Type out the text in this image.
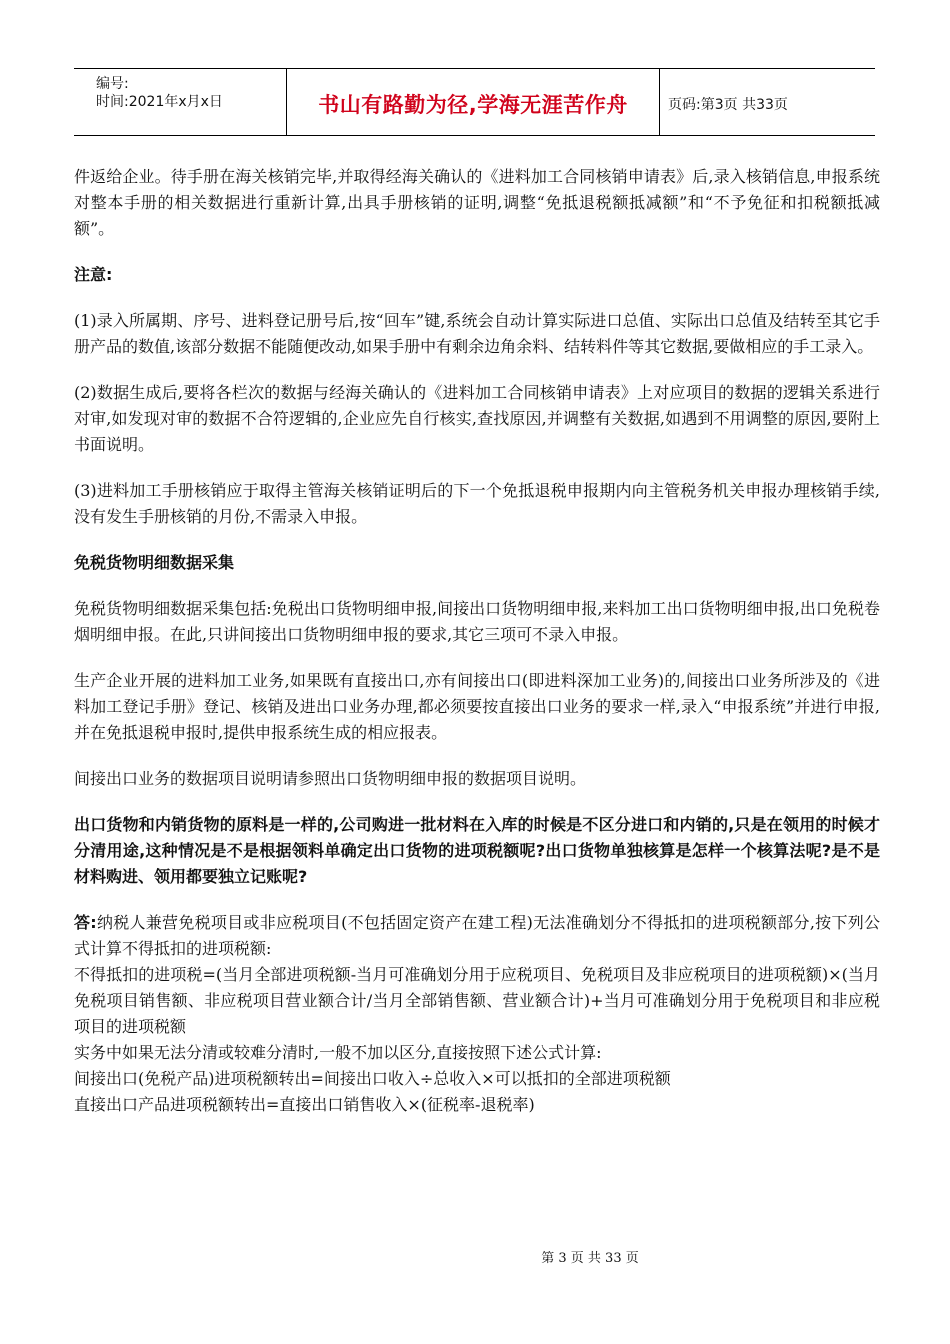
编号:
时间:2021年x月x日	书山有路勤为径,学海无涯苦作舟	页码:第3页 共33页

件返给企业。待手册在海关核销完毕,并取得经海关确认的《进料加工合同核销申请表》后,录入核销信息,申报系统对整本手册的相关数据进行重新计算,出具手册核销的证明,调整“免抵退税额抵减额”和“不予免征和扣税额抵减额”。

注意:

(1)录入所属期、序号、进料登记册号后,按“回车”键,系统会自动计算实际进口总值、实际出口总值及结转至其它手册产品的数值,该部分数据不能随便改动,如果手册中有剩余边角余料、结转料件等其它数据,要做相应的手工录入。

(2)数据生成后,要将各栏次的数据与经海关确认的《进料加工合同核销申请表》上对应项目的数据的逻辑关系进行对审,如发现对审的数据不合符逻辑的,企业应先自行核实,查找原因,并调整有关数据,如遇到不用调整的原因,要附上书面说明。

(3)进料加工手册核销应于取得主管海关核销证明后的下一个免抵退税申报期内向主管税务机关申报办理核销手续,没有发生手册核销的月份,不需录入申报。

免税货物明细数据采集

免税货物明细数据采集包括:免税出口货物明细申报,间接出口货物明细申报,来料加工出口货物明细申报,出口免税卷烟明细申报。在此,只讲间接出口货物明细申报的要求,其它三项可不录入申报。

生产企业开展的进料加工业务,如果既有直接出口,亦有间接出口(即进料深加工业务)的,间接出口业务所涉及的《进料加工登记手册》登记、核销及进出口业务办理,都必须要按直接出口业务的要求一样,录入“申报系统”并进行申报,并在免抵退税申报时,提供申报系统生成的相应报表。

间接出口业务的数据项目说明请参照出口货物明细申报的数据项目说明。

出口货物和内销货物的原料是一样的,公司购进一批材料在入库的时候是不区分进口和内销的,只是在领用的时候才分清用途,这种情况是不是根据领料单确定出口货物的进项税额呢?出口货物单独核算是怎样一个核算法呢?是不是材料购进、领用都要独立记账呢?

答:纳税人兼营免税项目或非应税项目(不包括固定资产在建工程)无法准确划分不得抵扣的进项税额部分,按下列公式计算不得抵扣的进项税额:
不得抵扣的进项税=(当月全部进项税额-当月可准确划分用于应税项目、免税项目及非应税项目的进项税额)×(当月免税项目销售额、非应税项目营业额合计/当月全部销售额、营业额合计)+当月可准确划分用于免税项目和非应税项目的进项税额
实务中如果无法分清或较难分清时,一般不加以区分,直接按照下述公式计算:
间接出口(免税产品)进项税额转出=间接出口收入÷总收入×可以抵扣的全部进项税额
直接出口产品进项税额转出=直接出口销售收入×(征税率-退税率)
第 3 页 共 33 页
